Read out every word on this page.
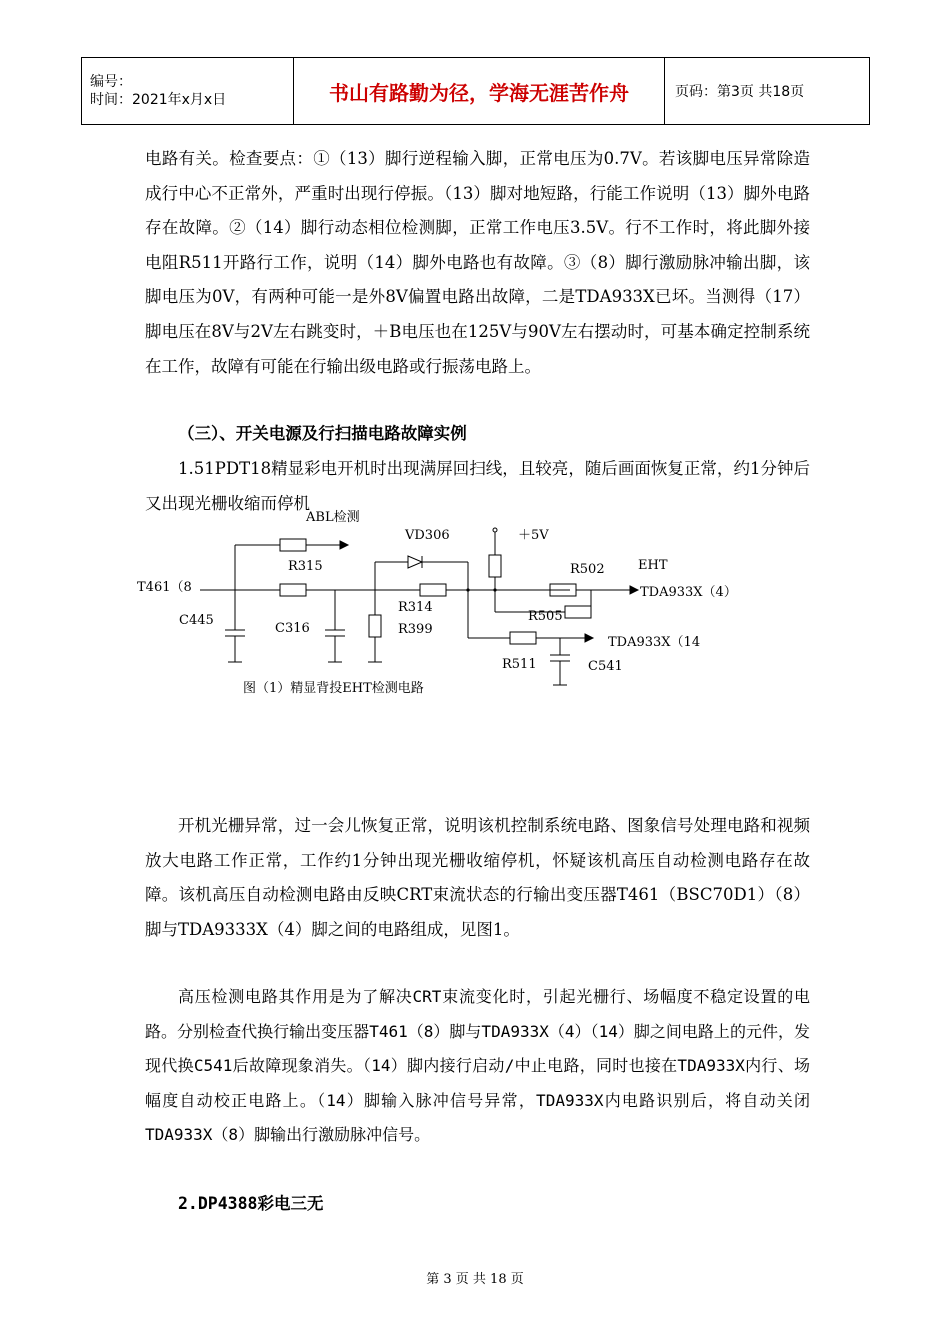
编号：
时间：2021年x月x日	书山有路勤为径，学海无涯苦作舟	页码：第3页 共18页

电路有关。检查要点：①（13）脚行逆程输入脚，正常电压为0.7V。若该脚电压异常除造成行中心不正常外，严重时出现行停振。（13）脚对地短路，行能工作说明（13）脚外电路存在故障。②（14）脚行动态相位检测脚，正常工作电压3.5V。行不工作时，将此脚外接电阻R511开路行工作，说明（14）脚外电路也有故障。③（8）脚行激励脉冲输出脚，该脚电压为0V，有两种可能一是外8V偏置电路出故障，二是TDA933X已坏。当测得（17）脚电压在8V与2V左右跳变时，＋B电压也在125V与90V左右摆动时，可基本确定控制系统在工作，故障有可能在行输出级电路或行振荡电路上。

（三）、开关电源及行扫描电路故障实例

1.51PDT18精显彩电开机时出现满屏回扫线，且较亮，随后画面恢复正常，约1分钟后又出现光栅收缩而停机

ABL检测
VD306	＋5V
R315	R502	EHT
T461（8	TDA933X（4）
C445
C316
R314
R399
R505
TDA933X（14
R511	C541
图（1）精显背投EHT检测电路

开机光栅异常，过一会儿恢复正常，说明该机控制系统电路、图象信号处理电路和视频放大电路工作正常，工作约1分钟出现光栅收缩停机，怀疑该机高压自动检测电路存在故障。该机高压自动检测电路由反映CRT束流状态的行输出变压器T461（BSC70D1）（8）脚与TDA9333X（4）脚之间的电路组成，见图1。

高压检测电路其作用是为了解决CRT束流变化时，引起光栅行、场幅度不稳定设置的电路。分别检查代换行输出变压器T461（8）脚与TDA933X（4）（14）脚之间电路上的元件，发现代换C541后故障现象消失。（14）脚内接行启动/中止电路，同时也接在TDA933X内行、场幅度自动校正电路上。（14）脚输入脉冲信号异常，TDA933X内电路识别后，将自动关闭TDA933X（8）脚输出行激励脉冲信号。

2.DP4388彩电三无
第 3 页 共 18 页
